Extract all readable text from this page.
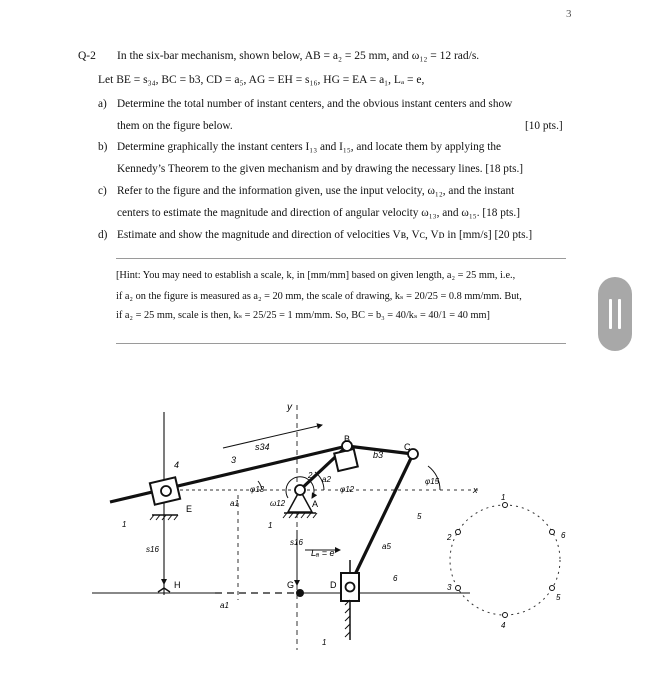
3
Q-2 In the six-bar mechanism, shown below, AB = a₂ = 25 mm, and ω₁₂ = 12 rad/s.
Let BE = s₃₄, BC = b3, CD = a₅, AG = EH = s₁₆, HG = EA = a₁, Lₐ = e,
a) Determine the total number of instant centers, and the obvious instant centers and show
them on the figure below.	[10 pts.]
b) Determine graphically the instant centers I₁₃ and I₁₅, and locate them by applying the
Kennedy’s Theorem to the given mechanism and by drawing the necessary lines. [18 pts.]
c) Refer to the figure and the information given, use the input velocity, ω₁₂, and the instant
centers to estimate the magnitude and direction of angular velocity ω₁₃, and ω₁₅. [18 pts.]
d) Estimate and show the magnitude and direction of velocities Vʙ, Vᴄ, Vᴅ in [mm/s] [20 pts.]
[Hint: You may need to establish a scale, k, in [mm/mm] based on given length, a₂ = 25 mm, i.e.,
if a₂ on the figure is measured as a₂ = 20 mm, the scale of drawing, kₛ = 20/25 = 0.8 mm/mm. But,
if a₂ = 25 mm, scale is then, kₛ = 25/25 = 1 mm/mm. So, BC = b₃ = 40/kₛ = 40/1 = 40 mm]
y
x
B
C
A
E
H	G	D
s34
b3
a2
φ12
φ13
φ15
ω12
a1
a1
s16
s16
Lₐ = e
a5
4	3
2
1	1
1
5
6
1
2
3
4
5
6
